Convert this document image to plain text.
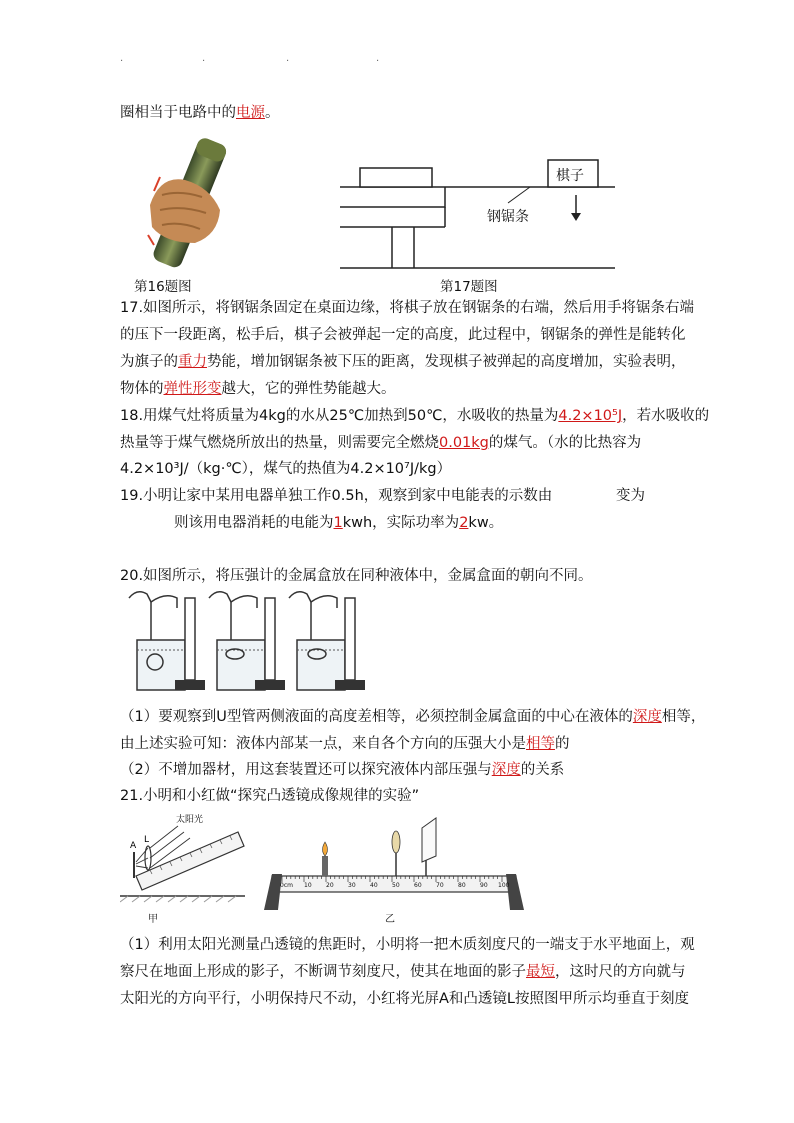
·	·	·	·
圈相当于电路中的电源。
棋子
钢锯条
第16题图	第17题图
17.如图所示，将钢锯条固定在桌面边缘，将棋子放在钢锯条的右端，然后用手将锯条右端
的压下一段距离，松手后，棋子会被弹起一定的高度，此过程中，钢锯条的弹性是能转化
为旗子的重力势能，增加钢锯条被下压的距离，发现棋子被弹起的高度增加，实验表明，
物体的弹性形变越大，它的弹性势能越大。
18.用煤气灶将质量为4kg的水从25℃加热到50℃，水吸收的热量为4.2×10⁵J，若水吸收的
热量等于煤气燃烧所放出的热量，则需要完全燃烧0.01kg的煤气。（水的比热容为
4.2×10³J/（kg·℃），煤气的热值为4.2×10⁷J/kg）
19.小明让家中某用电器单独工作0.5h，观察到家中电能表的示数由	变为
则该用电器消耗的电能为1kwh，实际功率为2kw。
20.如图所示，将压强计的金属盒放在同种液体中，金属盒面的朝向不同。
（1）要观察到U型管两侧液面的高度差相等，必须控制金属盒面的中心在液体的深度相等，
由上述实验可知：液体内部某一点，来自各个方向的压强大小是相等的
（2）不增加器材，用这套装置还可以探究液体内部压强与深度的关系
21.小明和小红做“探究凸透镜成像规律的实验”
A
L
太阳光
甲
0cm 10 20 30 40 50 60 70 80 90 100
乙
（1）利用太阳光测量凸透镜的焦距时，小明将一把木质刻度尺的一端支于水平地面上，观
察尺在地面上形成的影子，不断调节刻度尺，使其在地面的影子最短，这时尺的方向就与
太阳光的方向平行，小明保持尺不动，小红将光屏A和凸透镜L按照图甲所示均垂直于刻度
